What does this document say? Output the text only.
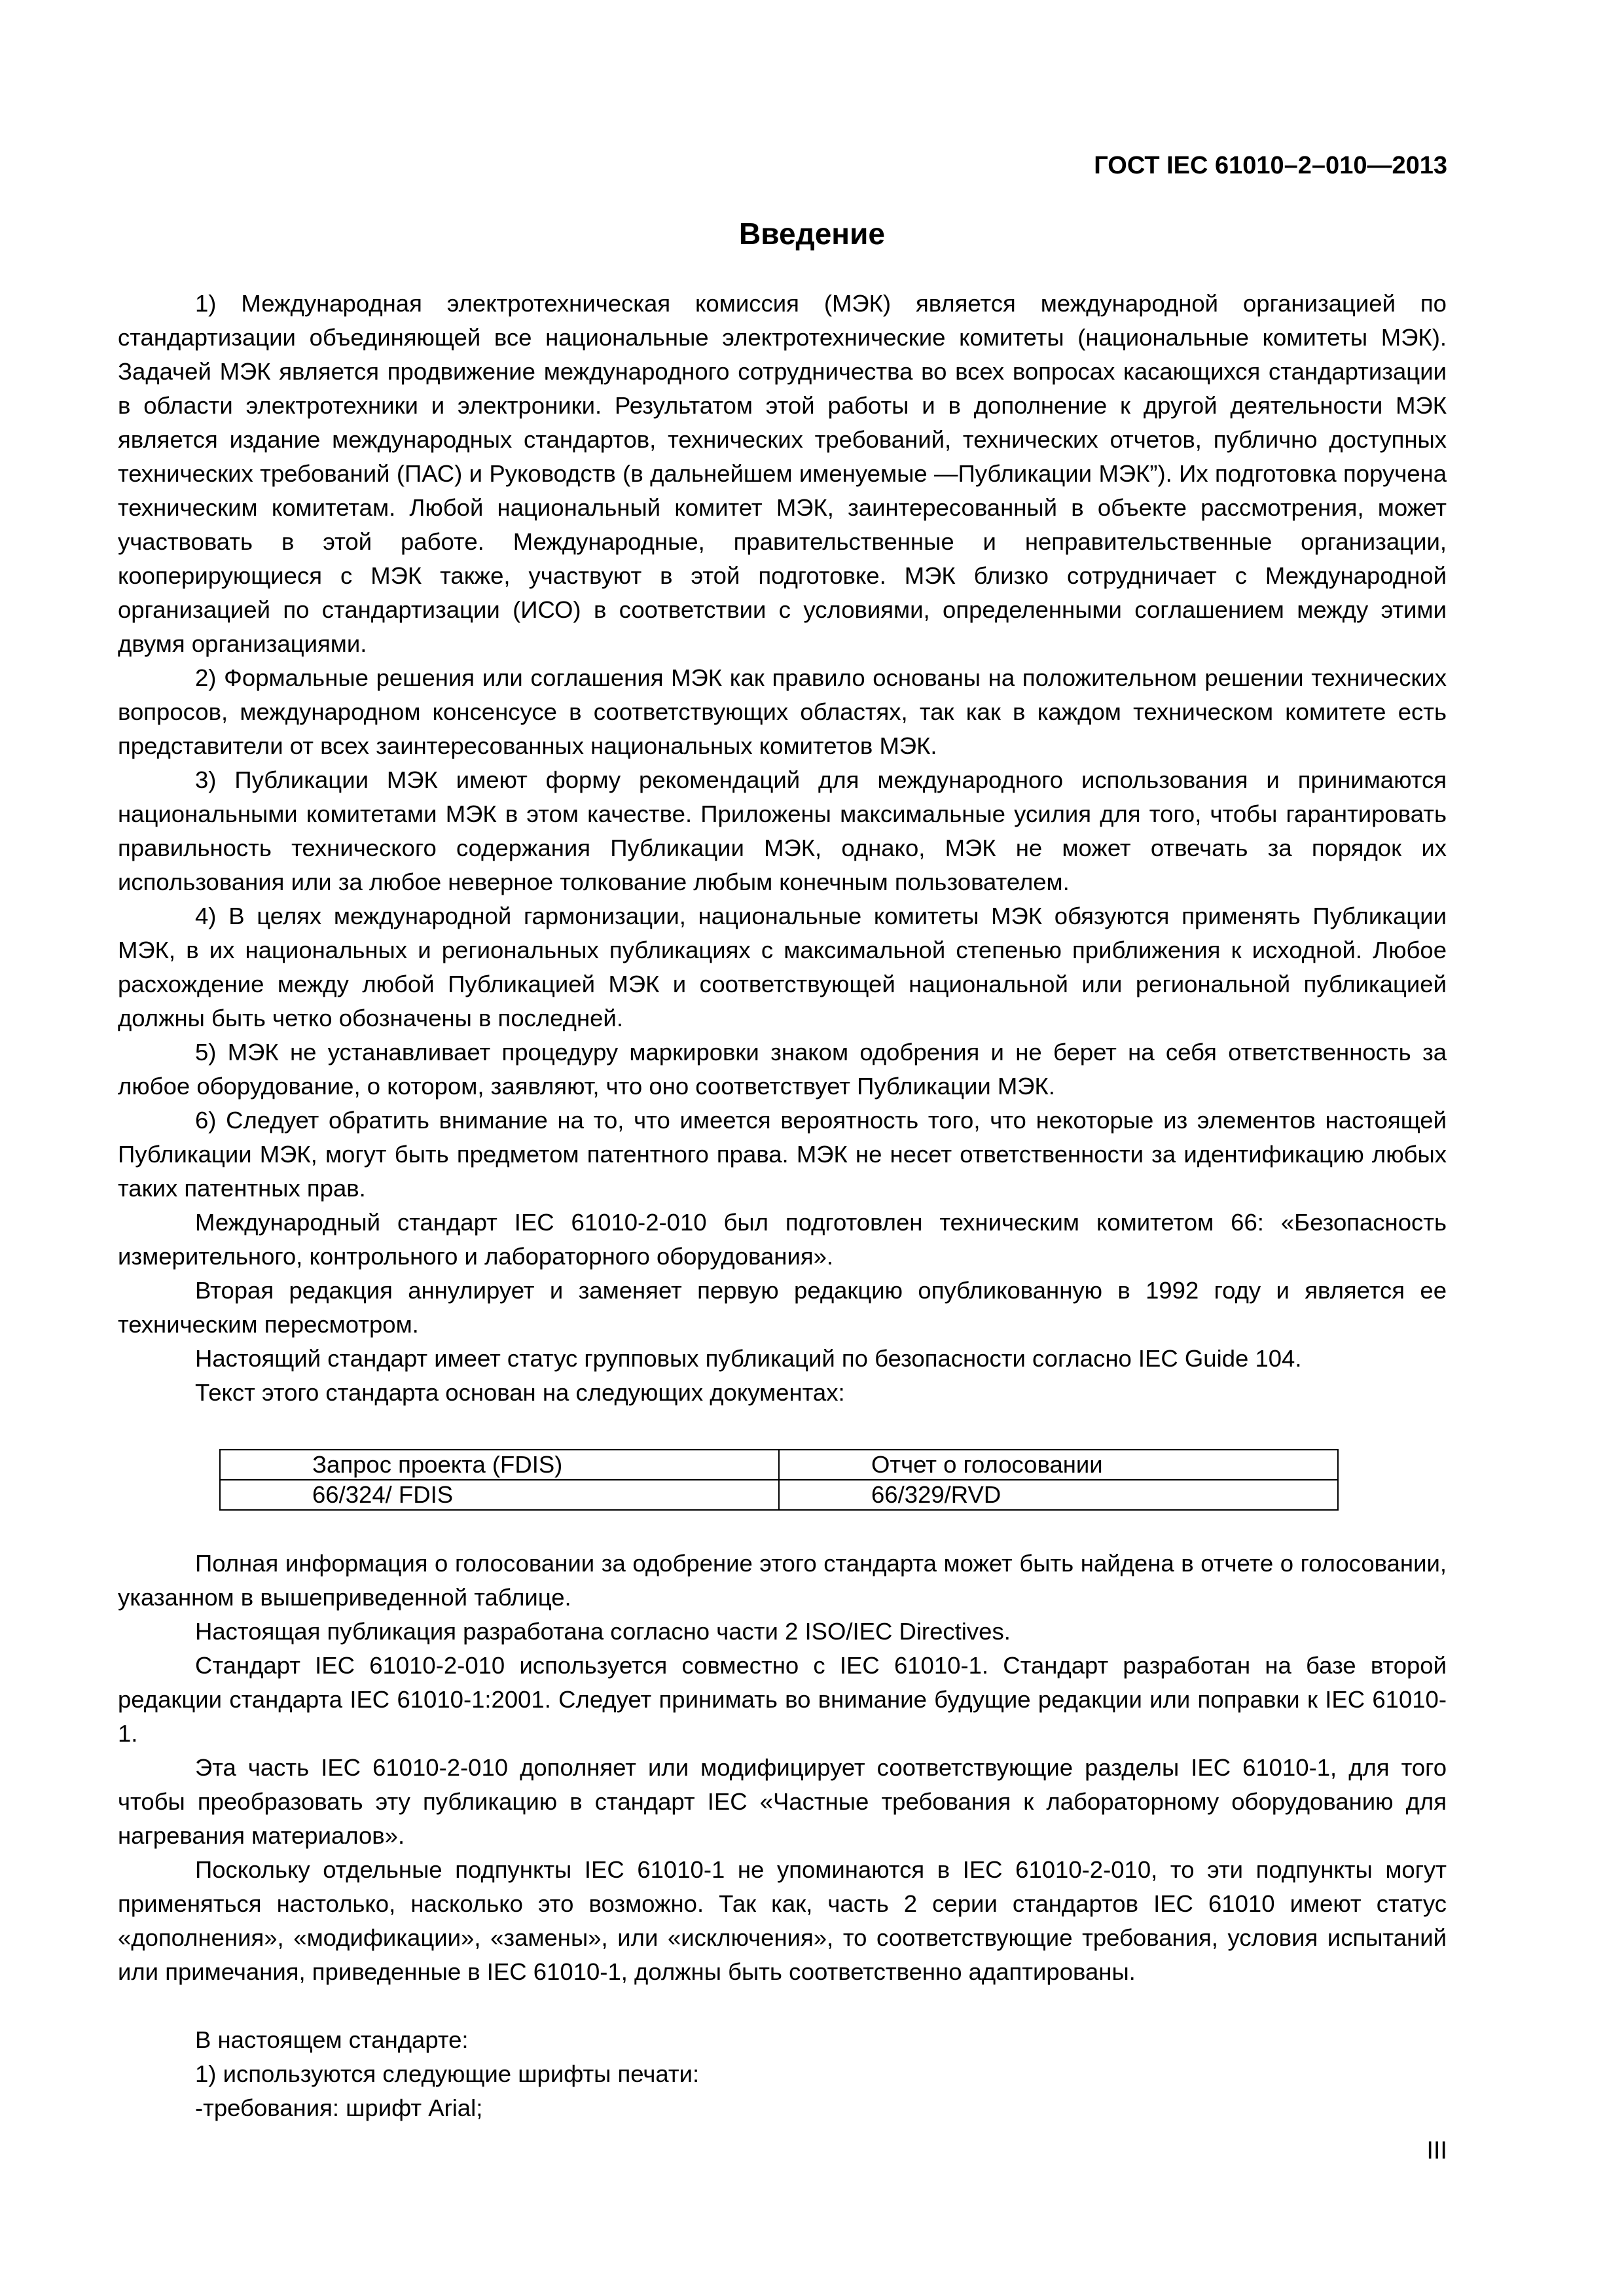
ГОСТ IEC 61010–2–010—2013
Введение

1) Международная электротехническая комиссия (МЭК) является международной организацией по стандартизации объединяющей все национальные электротехнические комитеты (национальные комитеты МЭК). Задачей МЭК является продвижение международного сотрудничества во всех вопросах касающихся стандартизации в области электротехники и электроники. Результатом этой работы и в дополнение к другой деятельности МЭК является издание международных стандартов, технических требований, технических отчетов, публично доступных технических требований (ПАС) и Руководств (в дальнейшем именуемые ―Публикации МЭК”). Их подготовка поручена техническим комитетам. Любой национальный комитет МЭК, заинтересованный в объекте рассмотрения, может участвовать в этой работе. Международные, правительственные и неправительственные организации, кооперирующиеся с МЭК также, участвуют в этой подготовке. МЭК близко сотрудничает с Международной организацией по стандартизации (ИСО) в соответствии с условиями, определенными соглашением между этими двумя организациями.

2) Формальные решения или соглашения МЭК как правило основаны на положительном решении технических вопросов, международном консенсусе в соответствующих областях, так как в каждом техническом комитете есть представители от всех заинтересованных национальных комитетов МЭК.

3) Публикации МЭК имеют форму рекомендаций для международного использования и принимаются национальными комитетами МЭК в этом качестве. Приложены максимальные усилия для того, чтобы гарантировать правильность технического содержания Публикации МЭК, однако, МЭК не может отвечать за порядок их использования или за любое неверное толкование любым конечным пользователем.

4) В целях международной гармонизации, национальные комитеты МЭК обязуются применять Публикации МЭК, в их национальных и региональных публикациях с максимальной степенью приближения к исходной. Любое расхождение между любой Публикацией МЭК и соответствующей национальной или региональной публикацией должны быть четко обозначены в последней.

5) МЭК не устанавливает процедуру маркировки знаком одобрения и не берет на себя ответственность за любое оборудование, о котором, заявляют, что оно соответствует Публикации МЭК.

6) Следует обратить внимание на то, что имеется вероятность того, что некоторые из элементов настоящей Публикации МЭК, могут быть предметом патентного права. МЭК не несет ответственности за идентификацию любых таких патентных прав.

Международный стандарт IEC 61010-2-010 был подготовлен техническим комитетом 66: «Безопасность измерительного, контрольного и лабораторного оборудования».

Вторая редакция аннулирует и заменяет первую редакцию опубликованную в 1992 году и является ее техническим пересмотром.

Настоящий стандарт имеет статус групповых публикаций по безопасности согласно IEC Guide 104.

Текст этого стандарта основан на следующих документах:

Запрос проекта (FDIS)	Отчет о голосовании
66/324/ FDIS	66/329/RVD

Полная информация о голосовании за одобрение этого стандарта может быть найдена в отчете о голосовании, указанном в вышеприведенной таблице.

Настоящая публикация разработана согласно части 2 ISO/IEC Directives.

Стандарт IEC 61010-2-010 используется совместно с IEC 61010-1. Стандарт разработан на базе второй редакции стандарта IEC 61010-1:2001. Следует принимать во внимание будущие редакции или поправки к IEC 61010-1.

Эта часть IEC 61010-2-010 дополняет или модифицирует соответствующие разделы IEC 61010-1, для того чтобы преобразовать эту публикацию в стандарт IEC «Частные требования к лабораторному оборудованию для нагревания материалов».

Поскольку отдельные подпункты IEC 61010-1 не упоминаются в IEC 61010-2-010, то эти подпункты могут применяться настолько, насколько это возможно. Так как, часть 2 серии стандартов IEC 61010 имеют статус «дополнения», «модификации», «замены», или «исключения», то соответствующие требования, условия испытаний или примечания, приведенные в IEC 61010-1, должны быть соответственно адаптированы.

В настоящем стандарте:

1) используются следующие шрифты печати:

-требования: шрифт Arial;

III
